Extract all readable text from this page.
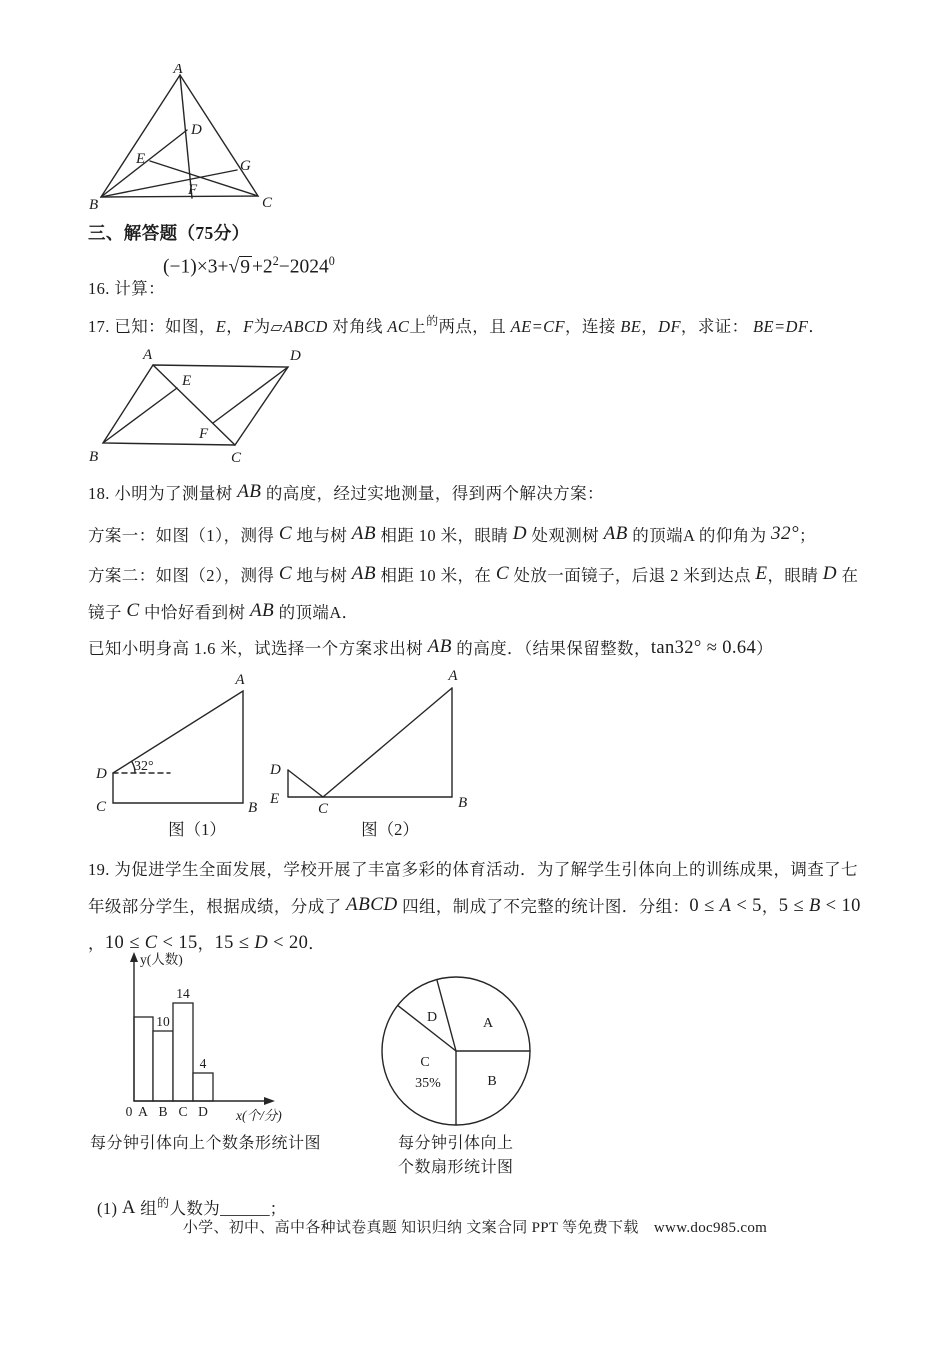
A
B	C
D
E
F
G
三、解答题（75分）
16. 计算：
$(-1)\times 3+√9 +2^2-2024^0$
17. 已知：如图，E，F为▱ABCD 对角线 AC上$^的$两点，且 AE=CF，连接 BE，DF，求证： BE=DF．
A	D
B	C
E
F
18. 小明为了测量树 AB 的高度，经过实地测量，得到两个解决方案：
方案一：如图（1），测得 C 地与树 AB 相距 10 米，眼睛 D 处观测树 AB 的顶端A 的仰角为 32°；
方案二：如图（2），测得 C 地与树 AB 相距 10 米，在 C 处放一面镜子，后退 2 米到达点 E，眼睛 D 在
镜子 C 中恰好看到树 AB 的顶端A．
已知小明身高 1.6 米，试选择一个方案求出树 AB 的高度．（结果保留整数，tan32° ≈ 0.64）
D
C	B
A
32°
图（1）
D
E
C	B
A
图（2）
19. 为促进学生全面发展，学校开展了丰富多彩的体育活动．为了解学生引体向上的训练成果，调查了七
年级部分学生，根据成绩，分成了 ABCD 四组，制成了不完整的统计图．分组：0 ≤ A < 5，5 ≤ B < 10
，10 ≤ C < 15，15 ≤ D < 20．
y(人数)
x(个/分)
0 A B C D
10
14
4
每分钟引体向上个数条形统计图
A
B
C
35%
D
每分钟引体向上
个数扇形统计图
(1) A 组$^的$人数为______；
小学、初中、高中各种试卷真题 知识归纳 文案合同 PPT 等免费下载　www.doc985.com
